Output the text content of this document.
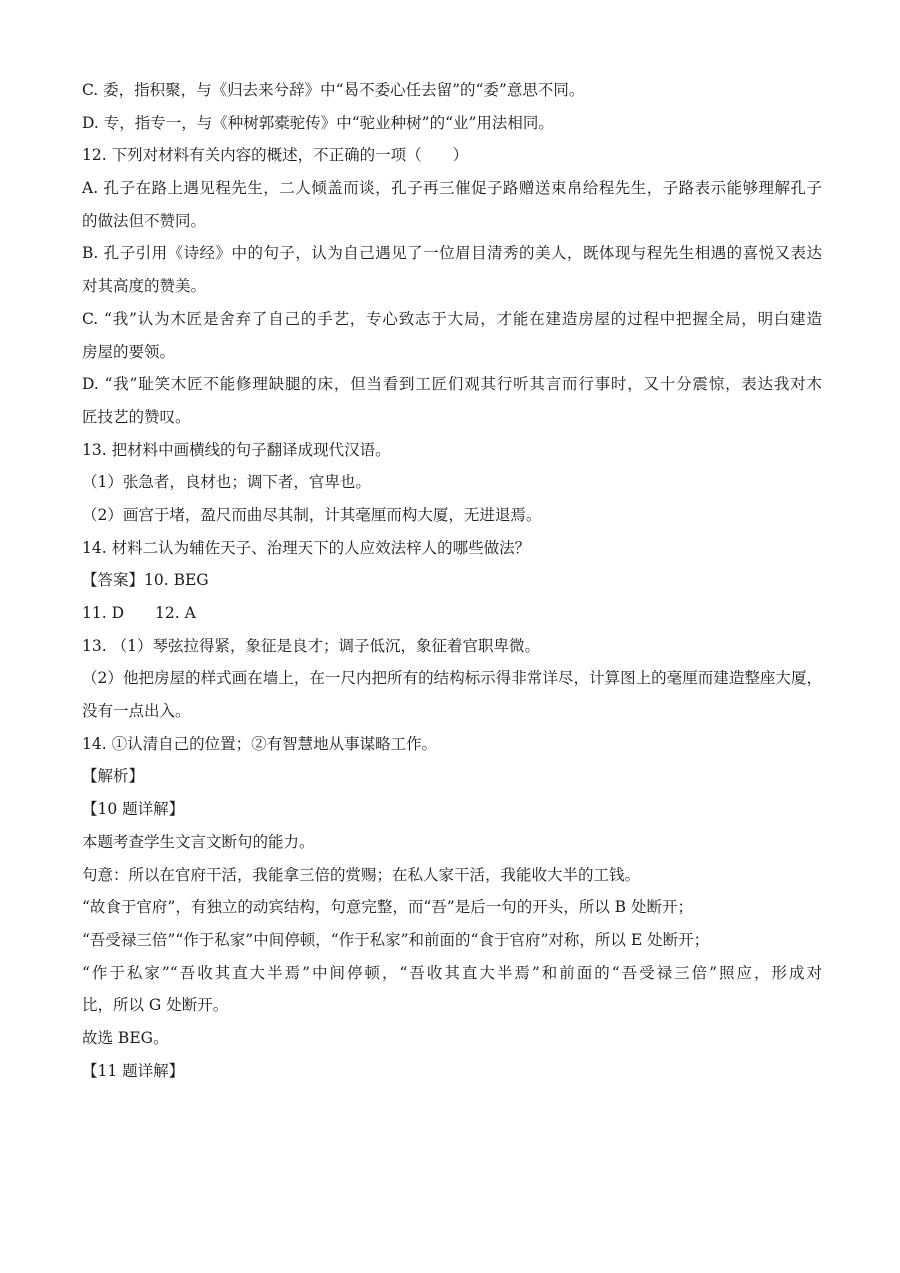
C. 委，指积聚，与《归去来兮辞》中“曷不委心任去留”的“委”意思不同。
D. 专，指专一，与《种树郭橐驼传》中“驼业种树”的“业”用法相同。
12. 下列对材料有关内容的概述，不正确的一项（　　）
A. 孔子在路上遇见程先生，二人倾盖而谈，孔子再三催促子路赠送束帛给程先生，子路表示能够理解孔子
的做法但不赞同。
B. 孔子引用《诗经》中的句子，认为自己遇见了一位眉目清秀的美人，既体现与程先生相遇的喜悦又表达
对其高度的赞美。
C. “我”认为木匠是舍弃了自己的手艺，专心致志于大局，才能在建造房屋的过程中把握全局，明白建造
房屋的要领。
D. “我”耻笑木匠不能修理缺腿的床，但当看到工匠们观其行听其言而行事时，又十分震惊，表达我对木
匠技艺的赞叹。
13. 把材料中画横线的句子翻译成现代汉语。
（1）张急者，良材也；调下者，官卑也。
（2）画宫于堵，盈尺而曲尽其制，计其毫厘而构大厦，无进退焉。
14. 材料二认为辅佐天子、治理天下的人应效法梓人的哪些做法？
【答案】10. BEG
11. D　　12. A
13. （1）琴弦拉得紧，象征是良才；调子低沉，象征着官职卑微。
（2）他把房屋的样式画在墙上，在一尺内把所有的结构标示得非常详尽，计算图上的毫厘而建造整座大厦，
没有一点出入。
14. ①认清自己的位置；②有智慧地从事谋略工作。
【解析】
【10 题详解】
本题考查学生文言文断句的能力。
句意：所以在官府干活，我能拿三倍的赏赐；在私人家干活，我能收大半的工钱。
“故食于官府”，有独立的动宾结构，句意完整，而“吾”是后一句的开头，所以 B 处断开；
“吾受禄三倍”“作于私家”中间停顿，“作于私家”和前面的“食于官府”对称，所以 E 处断开；
“作于私家”“吾收其直大半焉”中间停顿，“吾收其直大半焉”和前面的“吾受禄三倍”照应，形成对
比，所以 G 处断开。
故选 BEG。
【11 题详解】
